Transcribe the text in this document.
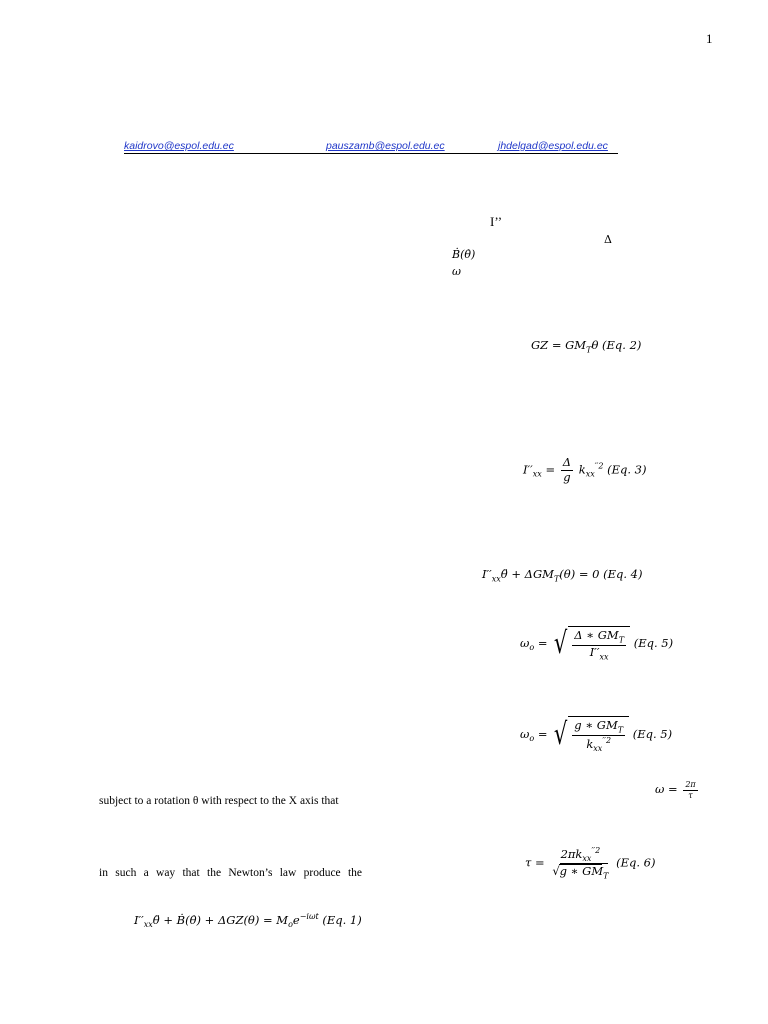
1
kaidrovo@espol.edu.ec	pauszamb@espol.edu.ec	jhdelgad@espol.edu.ec
I’’
Δ
Ḃ(θ̇)
ω
GZ = $GM_T\theta$ (Eq. 2)
$I''_{xx} = \frac{\Delta}{g} k_{xx}^{''2}$ (Eq. 3)
$I''_{xx}\thetä + \Delta GM_T(\theta) = 0$ (Eq. 4)
$\omega_o$ = √ $\frac{\Delta ∗ GM_T}{I''_{xx}} (Eq$. 5)
$\omega_o$ = √ $\frac{g ∗ GM_T}{k_{xx}^{''2}} (Eq$. 5)
$\omega = \frac{2\pi}{\tau}$
subject to a rotation θ with respect to the X axis that
$\tau = \frac{2\pi k_{xx}^{''2}}{√g ∗ GM_T} (Eq$. 6)
in such a way that the Newton’s law produce the
$I''_{xx}\thetä$ + Ḃ(θ̇) + $\Delta GZ(\theta) = M_oe^{-i\omega t}$ (Eq. 1)
